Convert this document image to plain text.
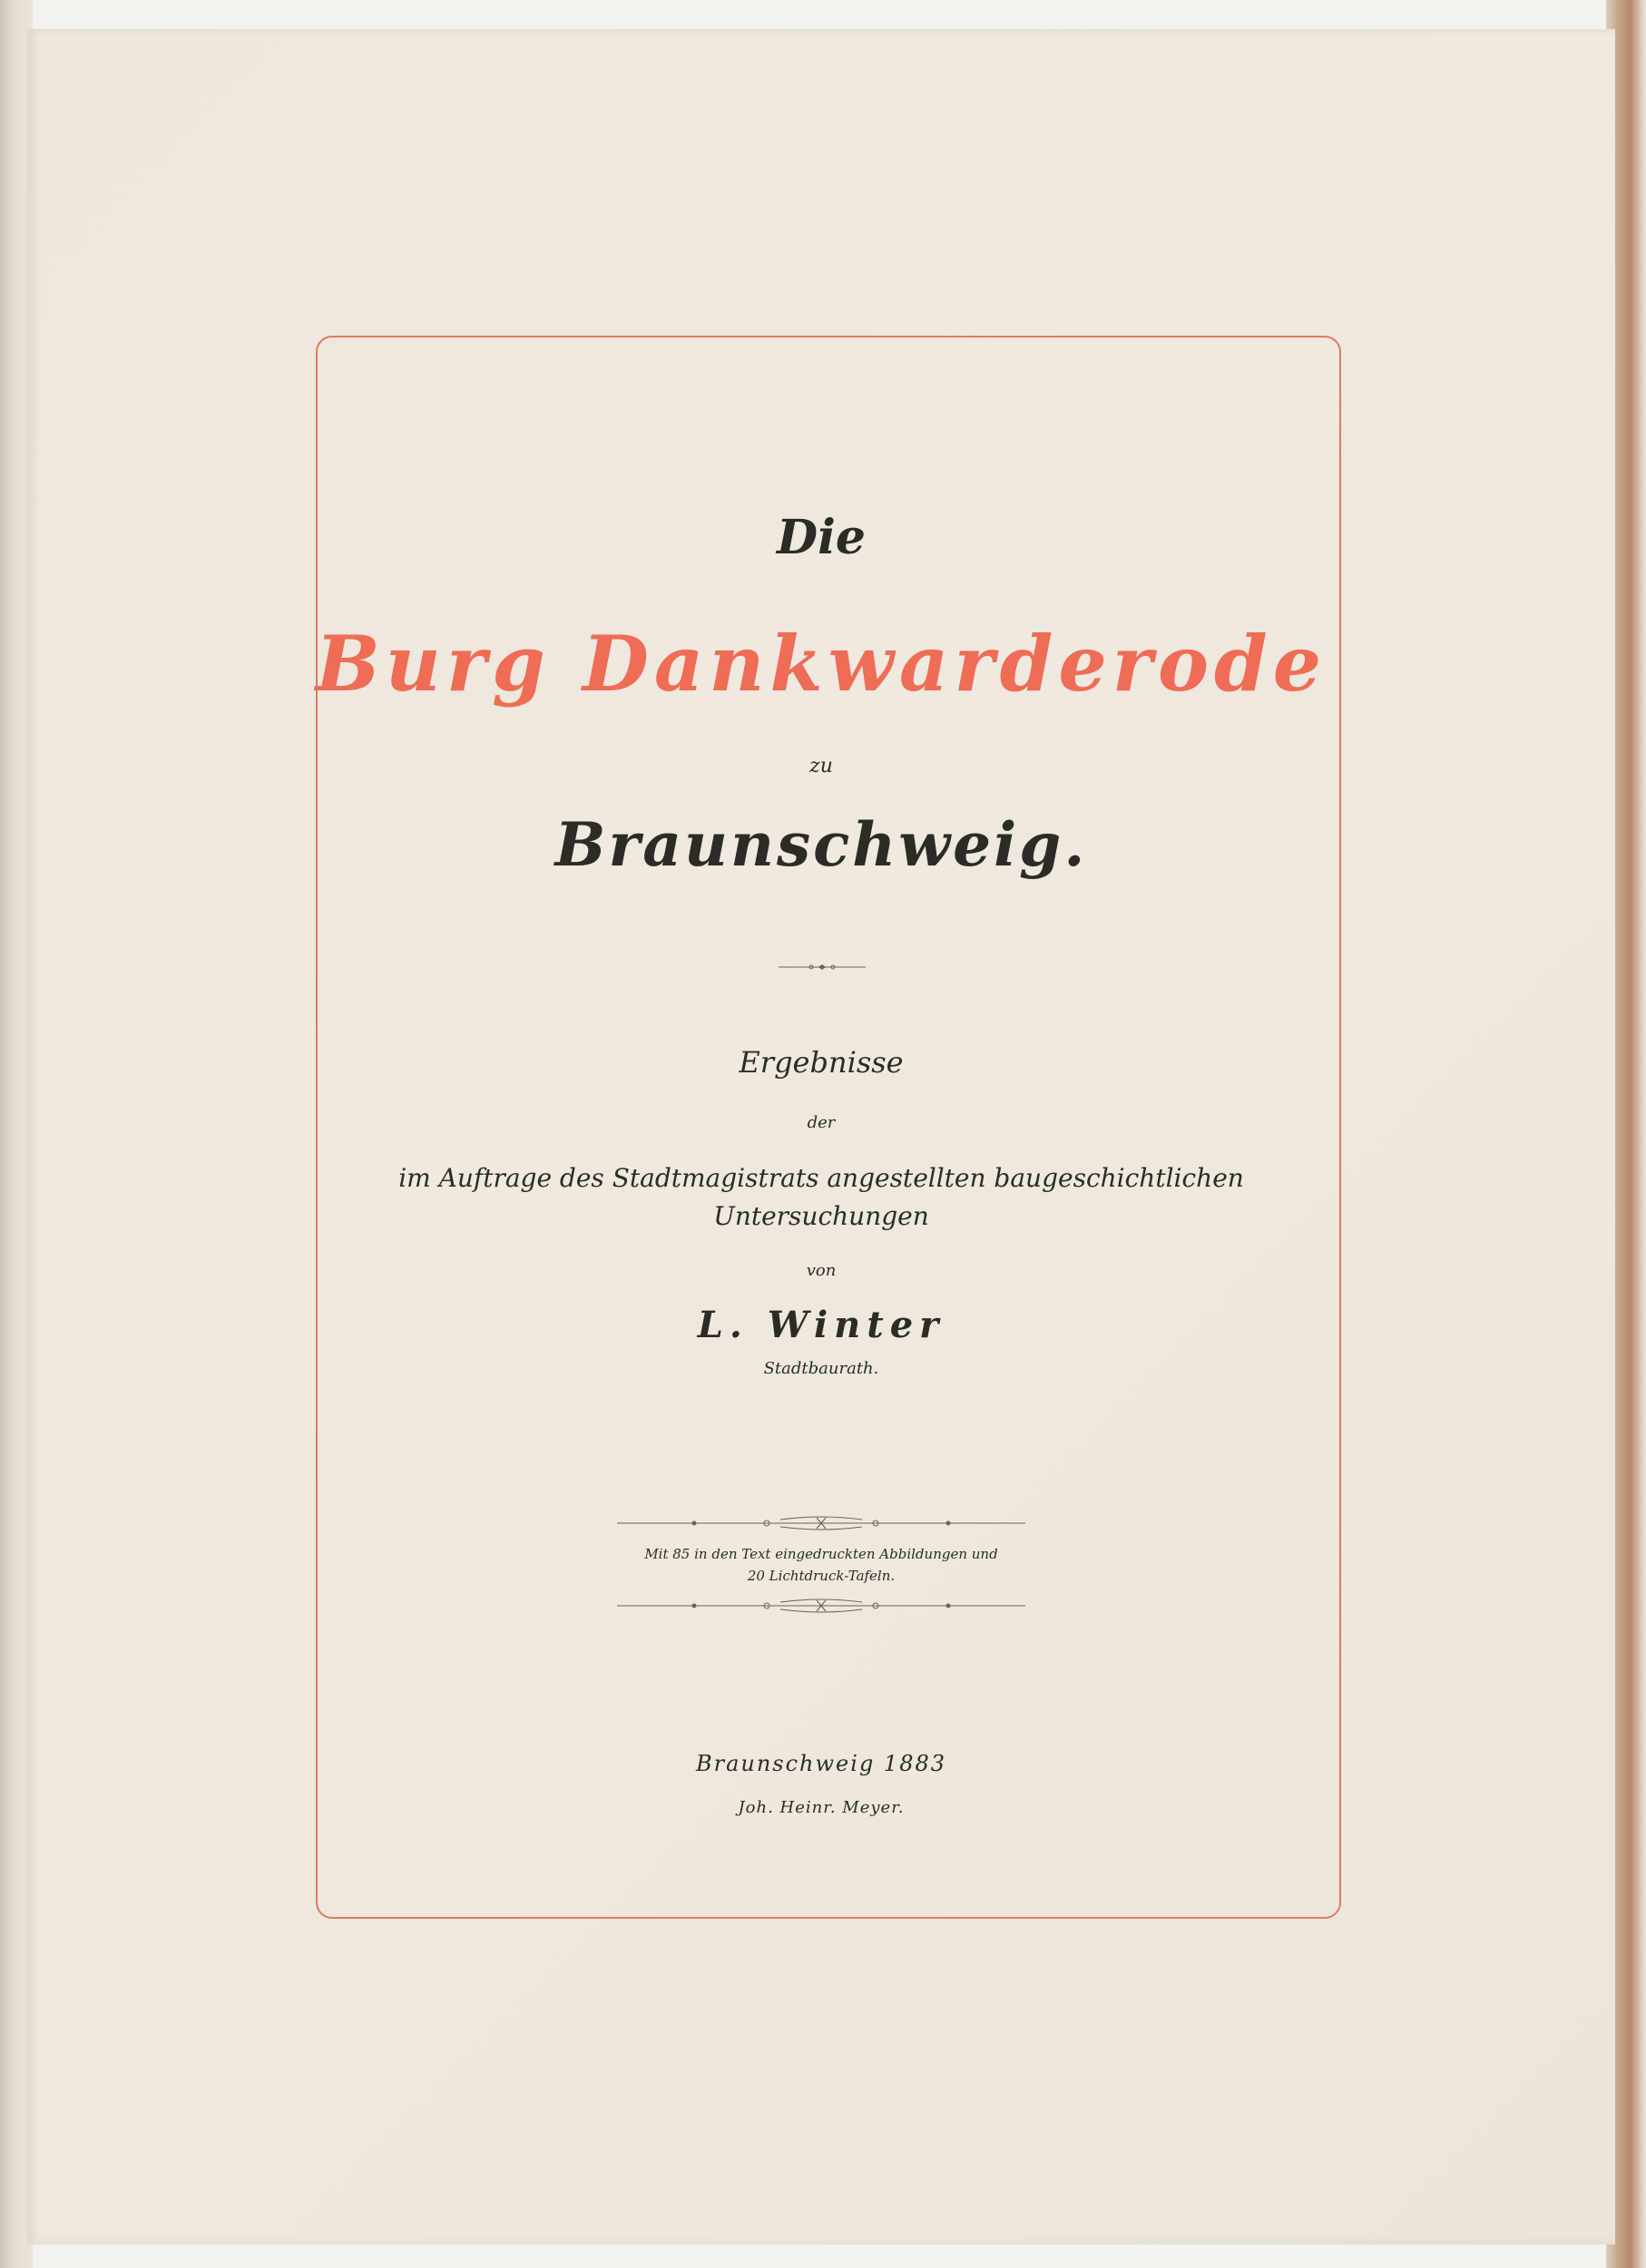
Die
Burg Dankwarderode
zu
Braunschweig.
Ergebnisse
der
im Auftrage des Stadtmagistrats angestellten baugeschichtlichen
Untersuchungen
von
L. Winter
Stadtbaurath.
Mit 85 in den Text eingedruckten Abbildungen und
20 Lichtdruck-Tafeln.
Braunschweig 1883
Joh. Heinr. Meyer.
